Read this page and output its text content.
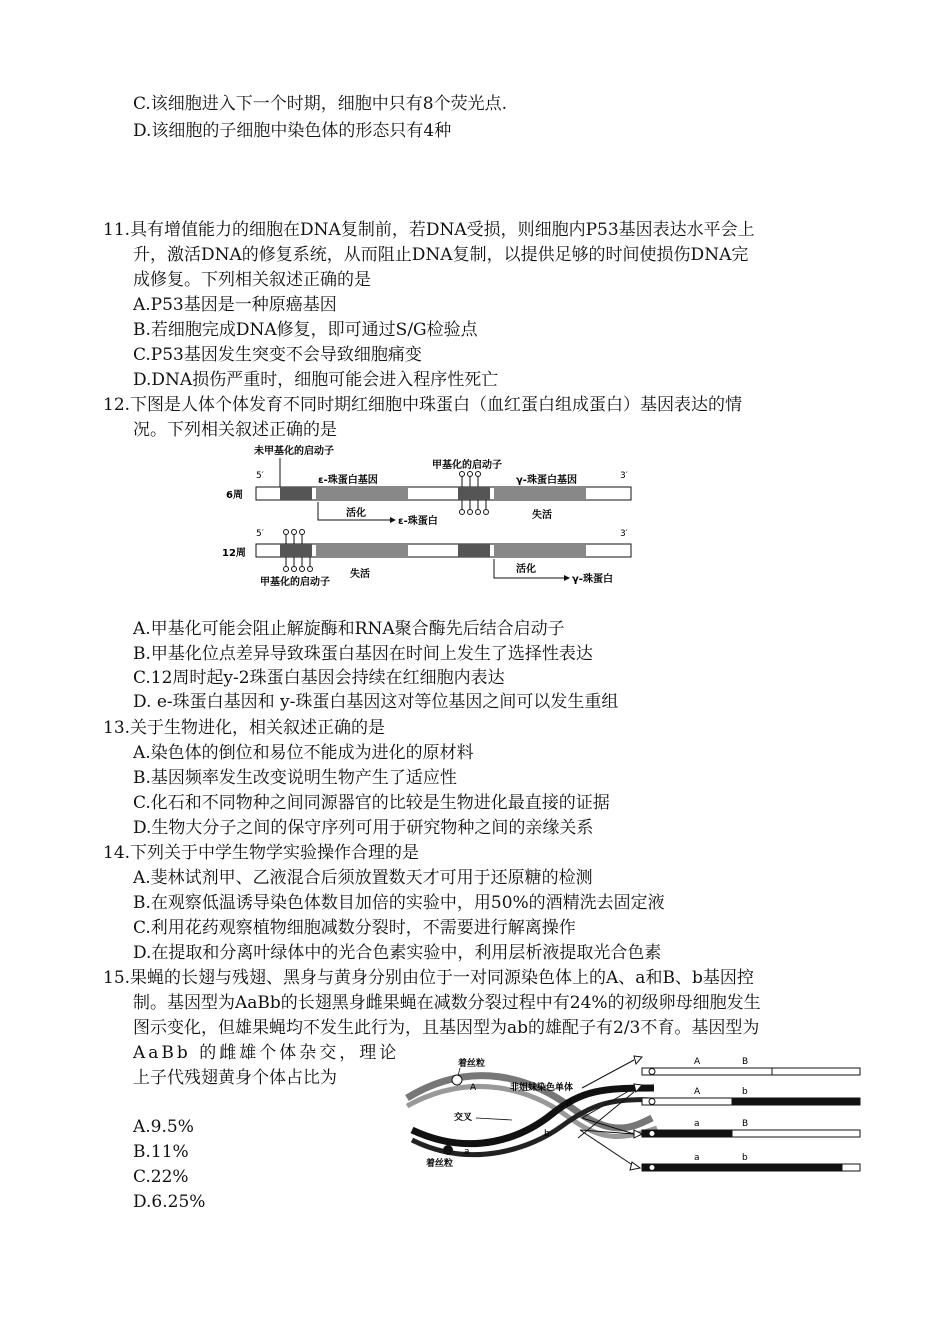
C.该细胞进入下一个时期，细胞中只有8个荧光点.
D.该细胞的子细胞中染色体的形态只有4种
11.具有增值能力的细胞在DNA复制前，若DNA受损，则细胞内P53基因表达水平会上
升，激活DNA的修复系统，从而阻止DNA复制，以提供足够的时间使损伤DNA完
成修复。下列相关叙述正确的是
A.P53基因是一种原癌基因
B.若细胞完成DNA修复，即可通过S/G检验点
C.P53基因发生突变不会导致细胞痛变
D.DNA损伤严重时，细胞可能会进入程序性死亡
12.下图是人体个体发育不同时期红细胞中珠蛋白（血红蛋白组成蛋白）基因表达的情
况。下列相关叙述正确的是
未甲基化的启动子
甲基化的启动子
5′	3′
6周
ε-珠蛋白基因	γ-珠蛋白基因
活化
ε-珠蛋白
失活
5′	3′
12周
甲基化的启动子
失活	活化
γ-珠蛋白
A.甲基化可能会阻止解旋酶和RNA聚合酶先后结合启动子
B.甲基化位点差异导致珠蛋白基因在时间上发生了选择性表达
C.12周时起y-2珠蛋白基因会持续在红细胞内表达
D. e-珠蛋白基因和 y-珠蛋白基因这对等位基因之间可以发生重组
13.关于生物进化，相关叙述正确的是
A.染色体的倒位和易位不能成为进化的原材料
B.基因频率发生改变说明生物产生了适应性
C.化石和不同物种之间同源器官的比较是生物进化最直接的证据
D.生物大分子之间的保守序列可用于研究物种之间的亲缘关系
14.下列关于中学生物学实验操作合理的是
A.斐林试剂甲、乙液混合后须放置数天才可用于还原糖的检测
B.在观察低温诱导染色体数目加倍的实验中，用50%的酒精洗去固定液
C.利用花药观察植物细胞减数分裂时，不需要进行解离操作
D.在提取和分离叶绿体中的光合色素实验中，利用层析液提取光合色素
15.果蝇的长翅与残翅、黑身与黄身分别由位于一对同源染色体上的A、a和B、b基因控
制。基因型为AaBb的长翅黑身雌果蝇在减数分裂过程中有24%的初级卵母细胞发生
图示变化，但雄果蝇均不发生此行为，且基因型为ab的雄配子有2/3不育。基因型为
AaBb 的雌雄个体杂交，理论
上子代残翅黄身个体占比为
着丝粒
A	非姐妹染色单体
交叉
着丝粒
a
B
b
A	B
A	b
a	B
a	b
A.9.5%
B.11%
C.22%
D.6.25%
